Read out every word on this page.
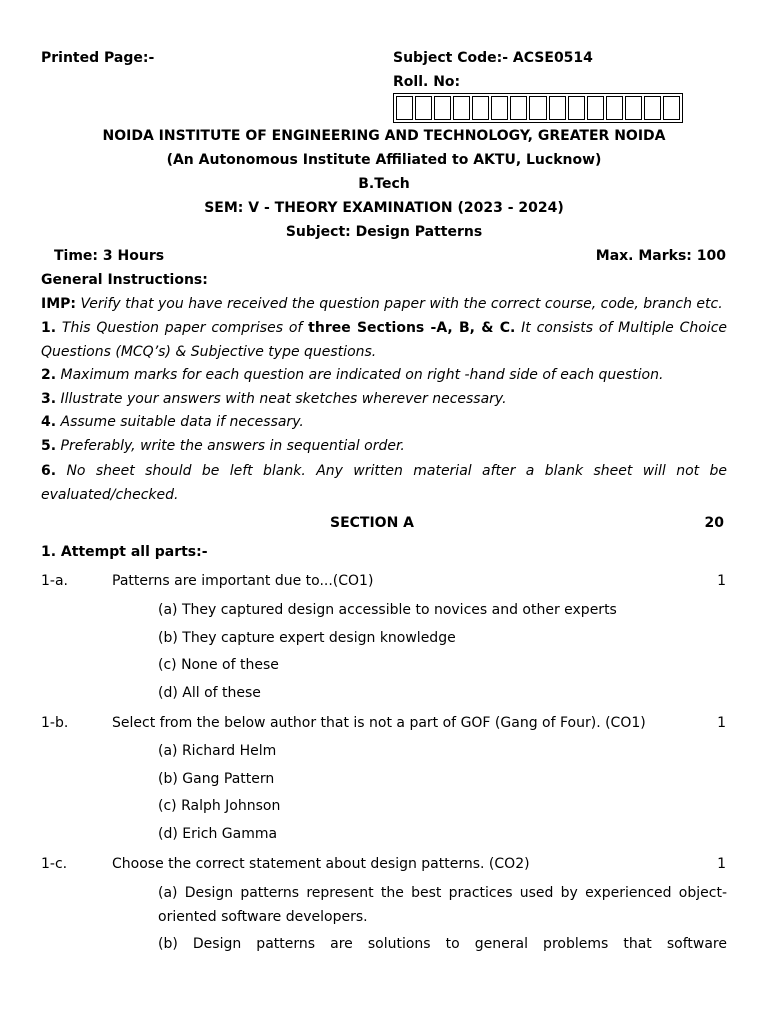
Printed Page:-	Subject Code:- ACSE0514
Roll. No:
NOIDA INSTITUTE OF ENGINEERING AND TECHNOLOGY, GREATER NOIDA
(An Autonomous Institute Affiliated to AKTU, Lucknow)
B.Tech
SEM: V - THEORY EXAMINATION (2023 - 2024)
Subject: Design Patterns
Time: 3 Hours	Max. Marks: 100
General Instructions:
IMP: Verify that you have received the question paper with the correct course, code, branch etc.
1. This Question paper comprises of three Sections -A, B, & C. It consists of Multiple Choice Questions (MCQ’s) & Subjective type questions.
2. Maximum marks for each question are indicated on right -hand side of each question.
3. Illustrate your answers with neat sketches wherever necessary.
4. Assume suitable data if necessary.
5. Preferably, write the answers in sequential order.
6. No sheet should be left blank. Any written material after a blank sheet will not be evaluated/checked.
SECTION A	20
1. Attempt all parts:-
1-a.	Patterns are important due to...(CO1)	1
(a) They captured design accessible to novices and other experts
(b) They capture expert design knowledge
(c) None of these
(d) All of these
1-b.	Select from the below author that is not a part of GOF (Gang of Four). (CO1)	1
(a) Richard Helm
(b) Gang Pattern
(c) Ralph Johnson
(d) Erich Gamma
1-c.	Choose the correct statement about design patterns. (CO2)	1
(a) Design patterns represent the best practices used by experienced object-oriented software developers.
(b) Design patterns are solutions to general problems that software
